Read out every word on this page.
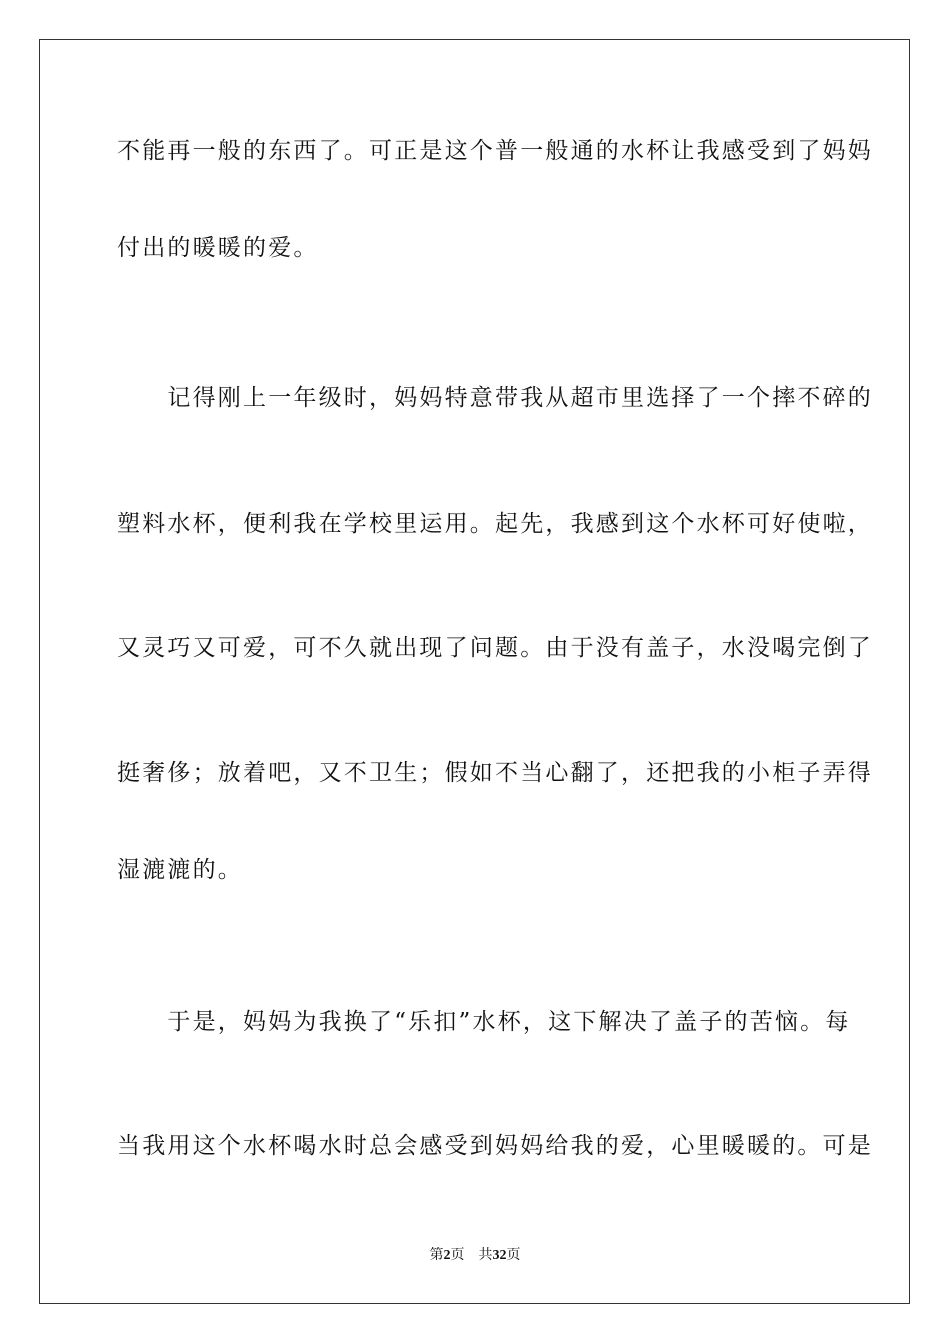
不能再一般的东西了。可正是这个普一般通的水杯让我感受到了妈妈
付出的暖暖的爱。
　　记得刚上一年级时，妈妈特意带我从超市里选择了一个摔不碎的
塑料水杯，便利我在学校里运用。起先，我感到这个水杯可好使啦，
又灵巧又可爱，可不久就出现了问题。由于没有盖子，水没喝完倒了
挺奢侈；放着吧，又不卫生；假如不当心翻了，还把我的小柜子弄得
湿漉漉的。
　　于是，妈妈为我换了“乐扣”水杯，这下解决了盖子的苦恼。每
当我用这个水杯喝水时总会感受到妈妈给我的爱，心里暖暖的。可是
第2页 共32页
